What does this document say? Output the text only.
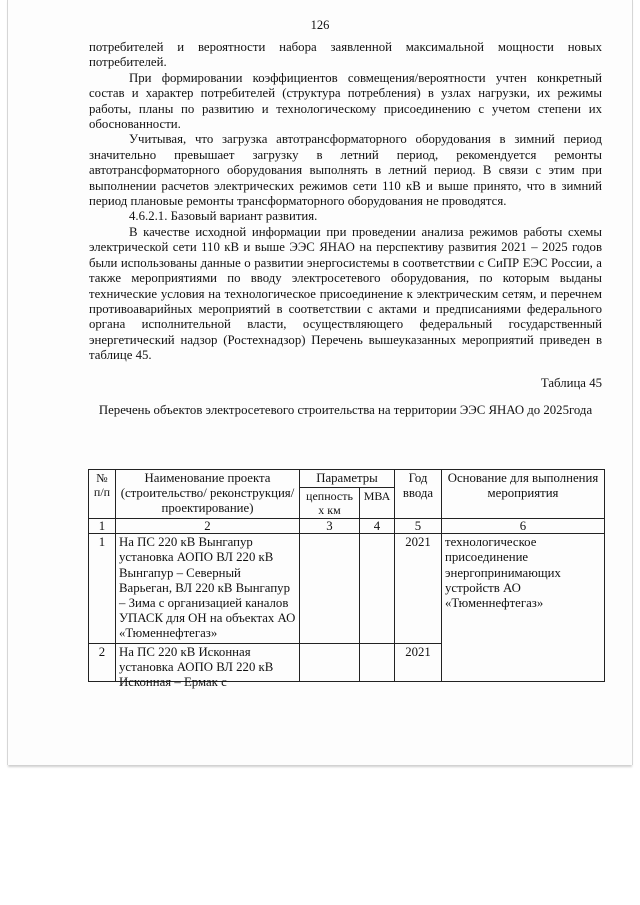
126

потребителей и вероятности набора заявленной максимальной мощности новых потребителей.

При формировании коэффициентов совмещения/вероятности учтен конкретный состав и характер потребителей (структура потребления) в узлах нагрузки, их режимы работы, планы по развитию и технологическому присоединению с учетом степени их обоснованности.

Учитывая, что загрузка автотрансформаторного оборудования в зимний период значительно превышает загрузку в летний период, рекомендуется ремонты автотрансформаторного оборудования выполнять в летний период. В связи с этим при выполнении расчетов электрических режимов сети 110 кВ и выше принято, что в зимний период плановые ремонты трансформаторного оборудования не проводятся.

4.6.2.1. Базовый вариант развития.

В качестве исходной информации при проведении анализа режимов работы схемы электрической сети 110 кВ и выше ЭЭС ЯНАО на перспективу развития 2021 – 2025 годов были использованы данные о развитии энергосистемы в соответствии с СиПР ЕЭС России, а также мероприятиями по вводу электросетевого оборудования, по которым выданы технические условия на технологическое присоединение к электрическим сетям, и перечнем противоаварийных мероприятий в соответствии с актами и предписаниями федерального органа исполнительной власти, осуществляющего федеральный государственный энергетический надзор (Ростехнадзор) Перечень вышеуказанных мероприятий приведен в таблице 45.

Таблица 45

Перечень объектов электросетевого строительства на территории ЭЭС ЯНАО до 2025года

№ п/п	Наименование проекта (строительство/ реконструкция/ проектирование)	Параметры		Год ввода	Основание для выполнения мероприятия
		цепность х км	МВА		
1	2	3	4	5	6
1	На ПС 220 кВ Вынгапур установка АОПО ВЛ 220 кВ Вынгапур – Северный Варьеган, ВЛ 220 кВ Вынгапур – Зима с организацией каналов УПАСК для ОН на объектах АО «Тюменнефтегаз»			2021	технологическое присоединение энергопринимающих устройств АО «Тюменнефтегаз»
2	На ПС 220 кВ Исконная установка АОПО ВЛ 220 кВ Исконная – Ермак с			2021	
